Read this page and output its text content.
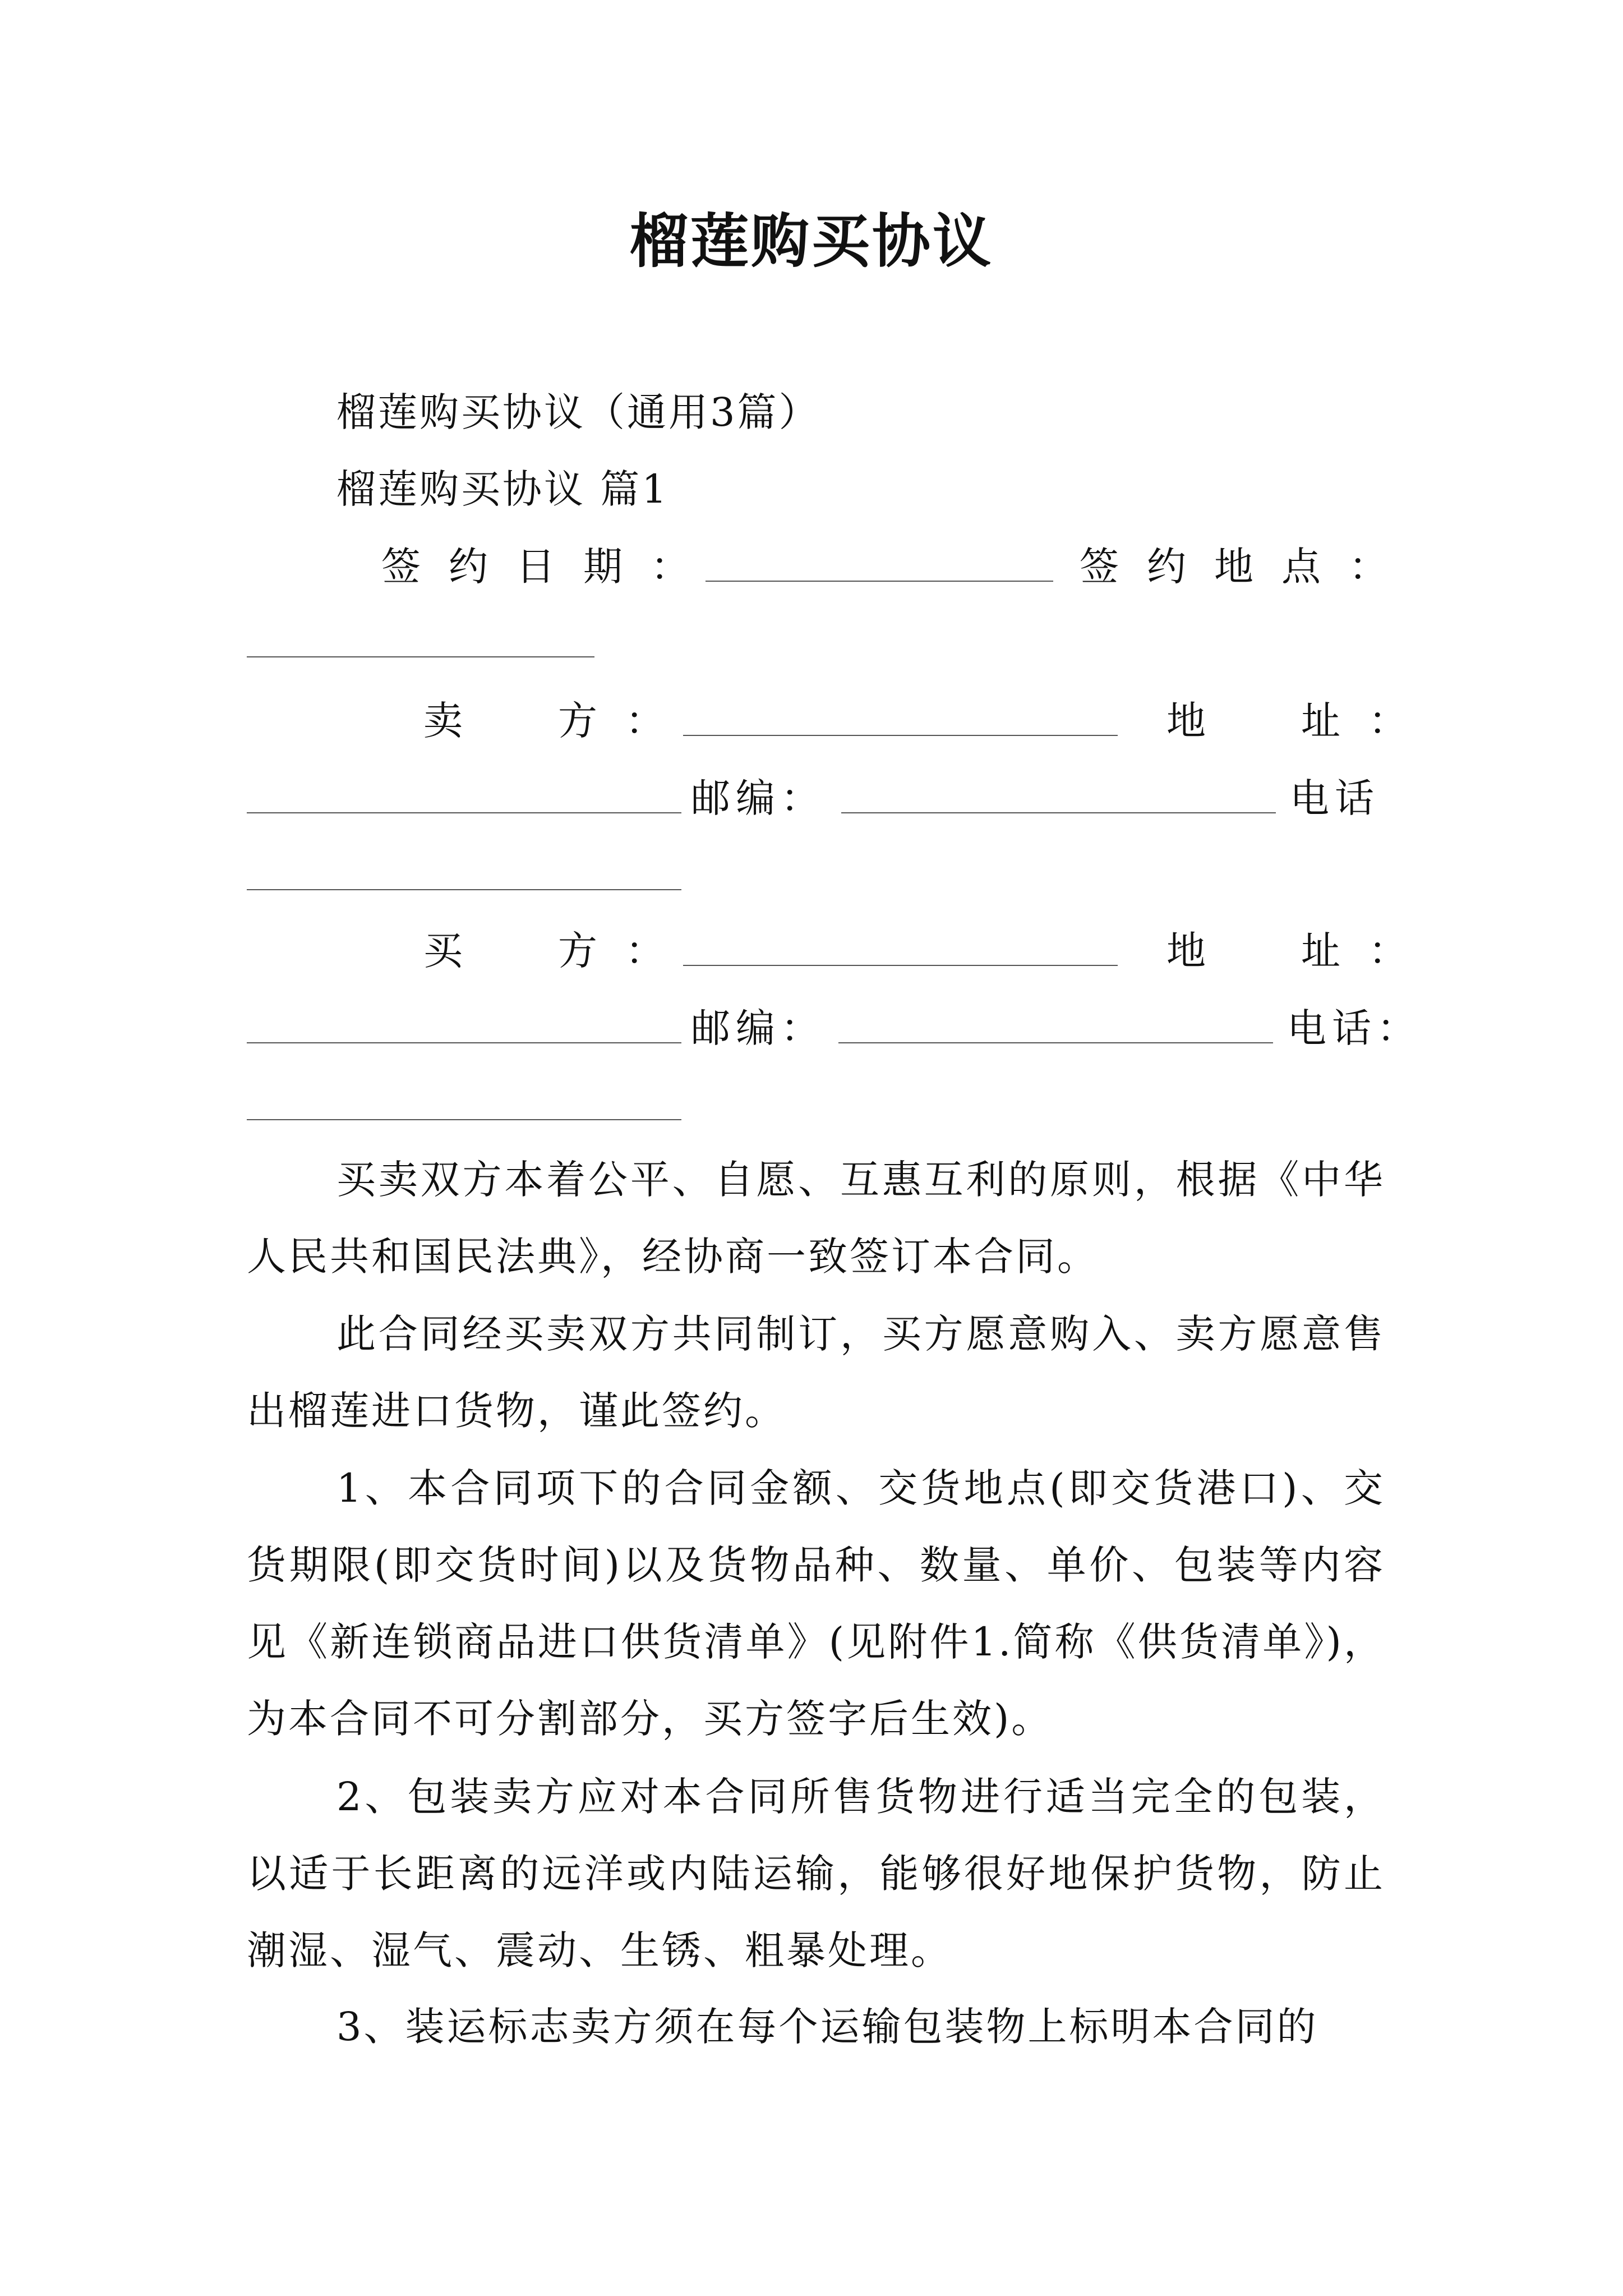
榴莲购买协议
榴莲购买协议（通用3篇）
榴莲购买协议 篇1
签约日期：	签约地点：
卖　方：	地　址：
邮编：	电话
买　方：	地　址：
邮编：	电话：

买卖双方本着公平、自愿、互惠互利的原则，根据《中华人民共和国民法典》，经协商一致签订本合同。

此合同经买卖双方共同制订，买方愿意购入、卖方愿意售出榴莲进口货物，谨此签约。

1、本合同项下的合同金额、交货地点(即交货港口)、交货期限(即交货时间)以及货物品种、数量、单价、包装等内容见《新连锁商品进口供货清单》(见附件1.简称《供货清单》)，为本合同不可分割部分，买方签字后生效)。

2、包装卖方应对本合同所售货物进行适当完全的包装，以适于长距离的远洋或内陆运输，能够很好地保护货物，防止潮湿、湿气、震动、生锈、粗暴处理。

3、装运标志卖方须在每个运输包装物上标明本合同的
